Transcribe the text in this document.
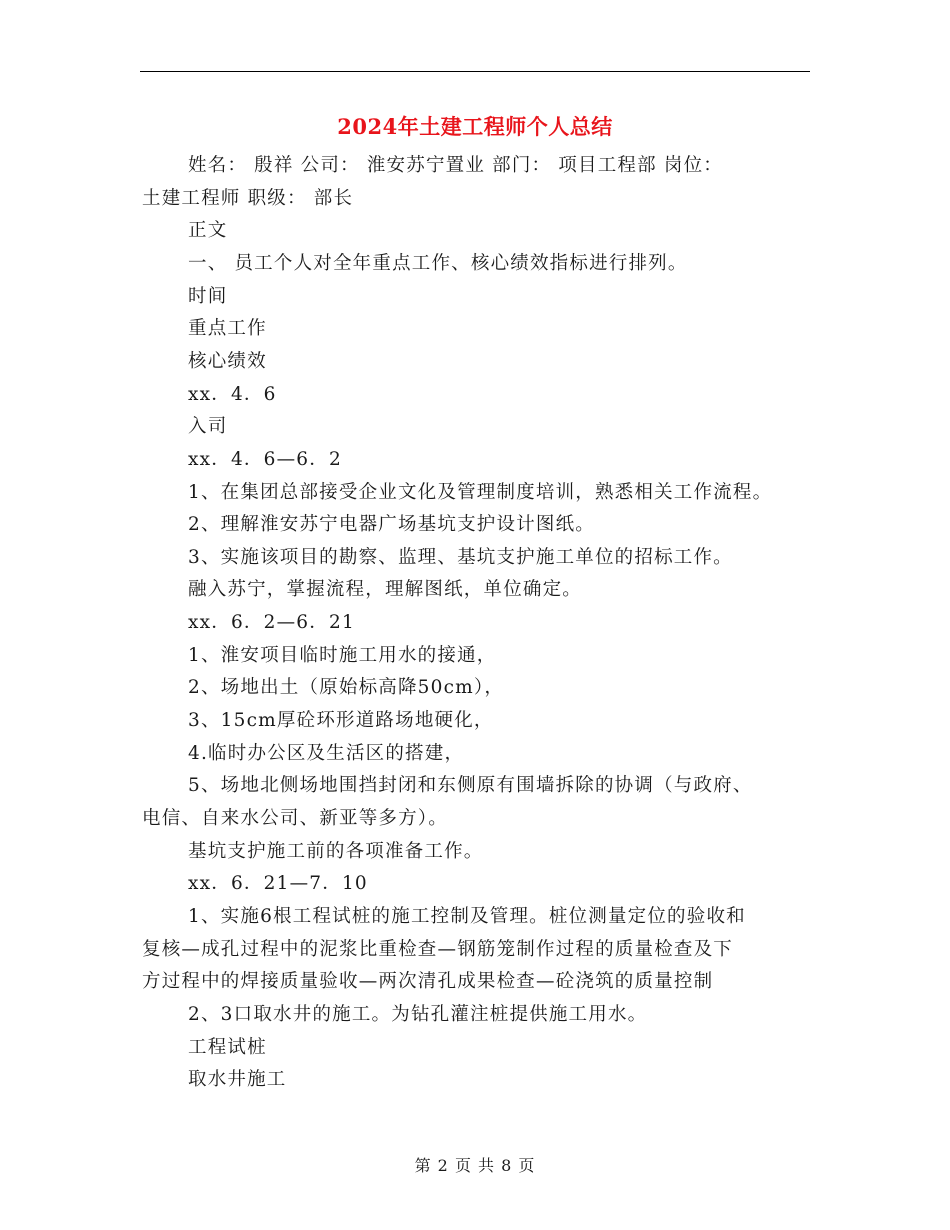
2024年土建工程师个人总结
姓名： 殷祥 公司： 淮安苏宁置业 部门： 项目工程部 岗位：
土建工程师 职级： 部长
正文
一、 员工个人对全年重点工作、核心绩效指标进行排列。
时间
重点工作
核心绩效
xx．4．6
入司
xx．4．6—6．2
1、在集团总部接受企业文化及管理制度培训，熟悉相关工作流程。
2、理解淮安苏宁电器广场基坑支护设计图纸。
3、实施该项目的勘察、监理、基坑支护施工单位的招标工作。
融入苏宁，掌握流程，理解图纸，单位确定。
xx．6．2—6．21
1、淮安项目临时施工用水的接通，
2、场地出土（原始标高降50cm），
3、15cm厚砼环形道路场地硬化，
4.临时办公区及生活区的搭建，
5、场地北侧场地围挡封闭和东侧原有围墙拆除的协调（与政府、
电信、自来水公司、新亚等多方）。
基坑支护施工前的各项准备工作。
xx．6．21—7．10
1、实施6根工程试桩的施工控制及管理。桩位测量定位的验收和
复核—成孔过程中的泥浆比重检查—钢筋笼制作过程的质量检查及下
方过程中的焊接质量验收—两次清孔成果检查—砼浇筑的质量控制
2、3口取水井的施工。为钻孔灌注桩提供施工用水。
工程试桩
取水井施工
第 2 页 共 8 页
